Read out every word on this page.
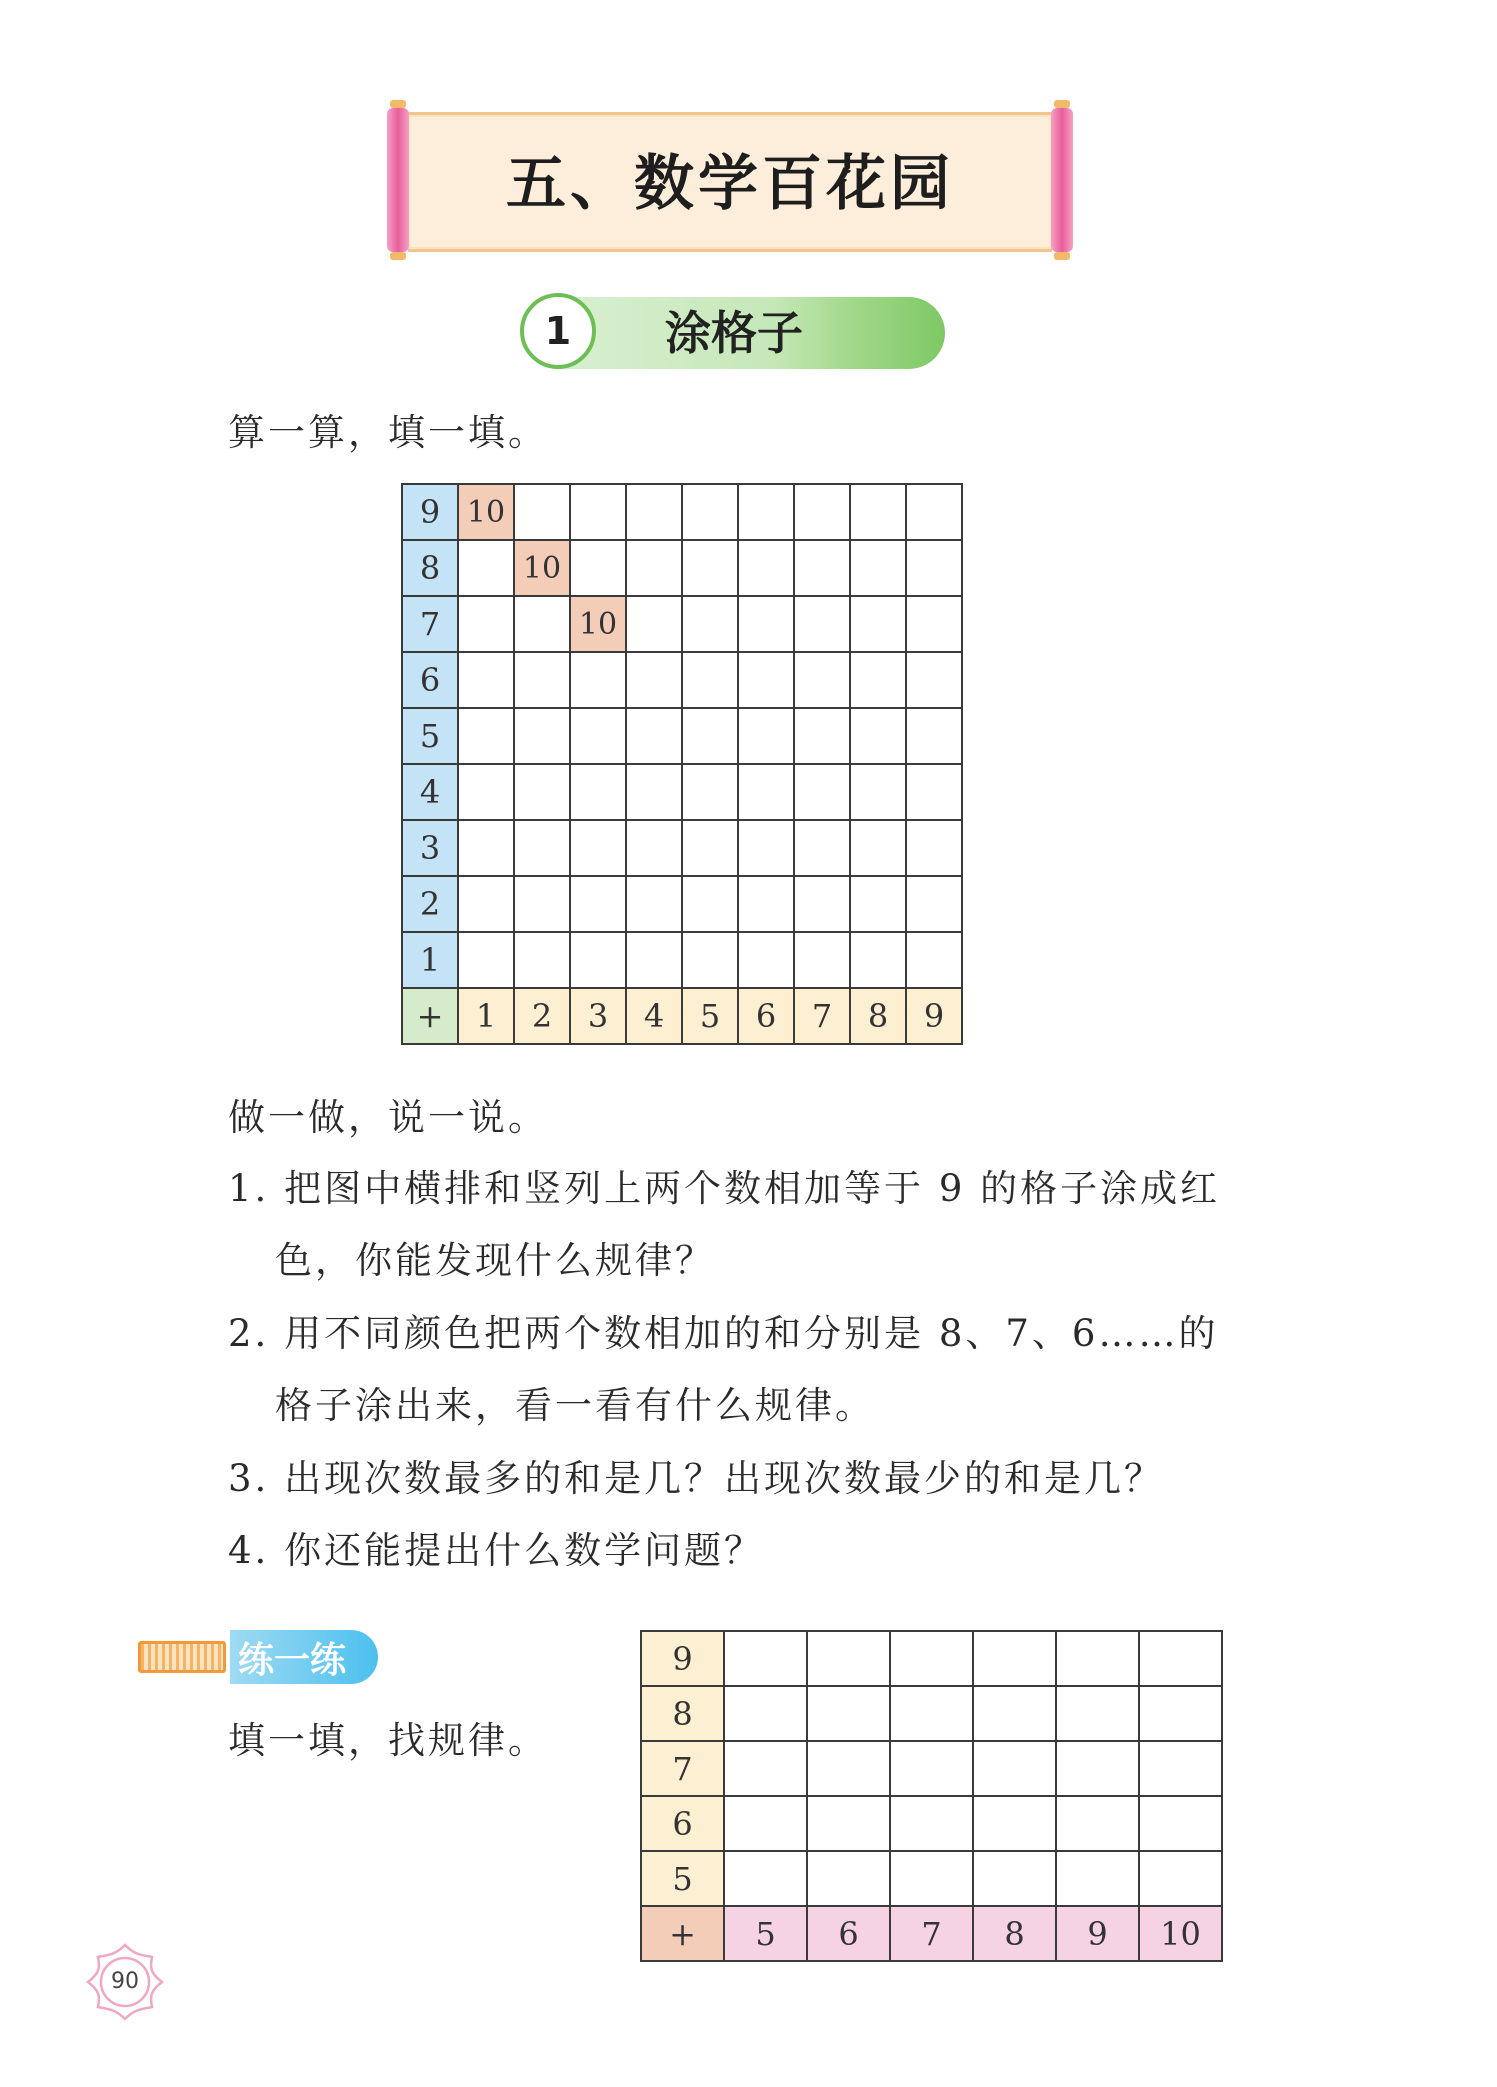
五、数学百花园
1	涂格子
算一算，填一填。
9	10								
8		10							
7			10						
6									
5									
4									
3									
2									
1									
+	1	2	3	4	5	6	7	8	9
做一做，说一说。
1. 把图中横排和竖列上两个数相加等于 9 的格子涂成红
色，你能发现什么规律？
2. 用不同颜色把两个数相加的和分别是 8、7、6……的
格子涂出来，看一看有什么规律。
3. 出现次数最多的和是几？出现次数最少的和是几？
4. 你还能提出什么数学问题？
练一练
填一填，找规律。
9						
8						
7						
6						
5						
+	5	6	7	8	9	10
90
